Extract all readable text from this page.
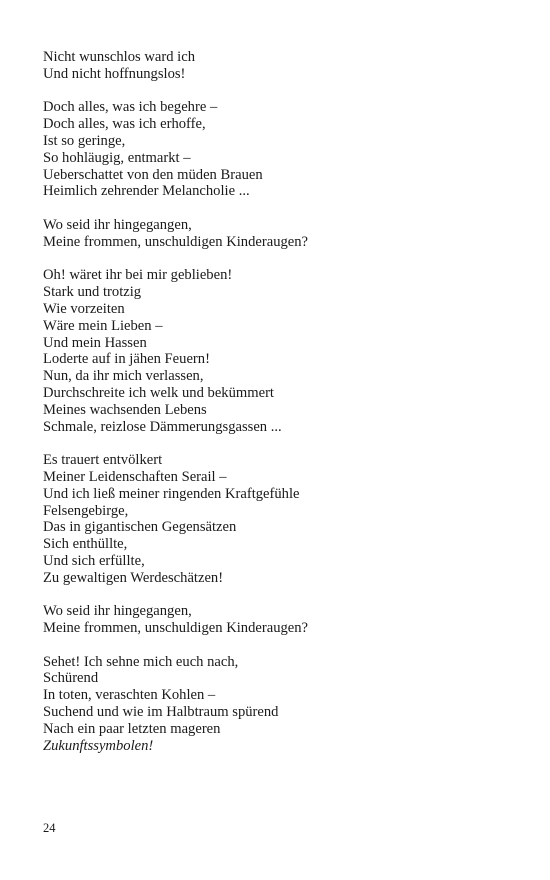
Nicht wunschlos ward ich
Und nicht hoffnungslos!
Doch alles, was ich begehre –
Doch alles, was ich erhoffe,
Ist so geringe,
So hohläugig, entmarkt –
Ueberschattet von den müden Brauen
Heimlich zehrender Melancholie ...
Wo seid ihr hingegangen,
Meine frommen, unschuldigen Kinderaugen?
Oh! wäret ihr bei mir geblieben!
Stark und trotzig
Wie vorzeiten
Wäre mein Lieben –
Und mein Hassen
Loderte auf in jähen Feuern!
Nun, da ihr mich verlassen,
Durchschreite ich welk und bekümmert
Meines wachsenden Lebens
Schmale, reizlose Dämmerungsgassen ...
Es trauert entvölkert
Meiner Leidenschaften Serail –
Und ich ließ meiner ringenden Kraftgefühle
Felsengebirge,
Das in gigantischen Gegensätzen
Sich enthüllte,
Und sich erfüllte,
Zu gewaltigen Werdeschätzen!
Wo seid ihr hingegangen,
Meine frommen, unschuldigen Kinderaugen?
Sehet! Ich sehne mich euch nach,
Schürend
In toten, veraschten Kohlen –
Suchend und wie im Halbtraum spürend
Nach ein paar letzten mageren
Zukunftssymbolen!
24
